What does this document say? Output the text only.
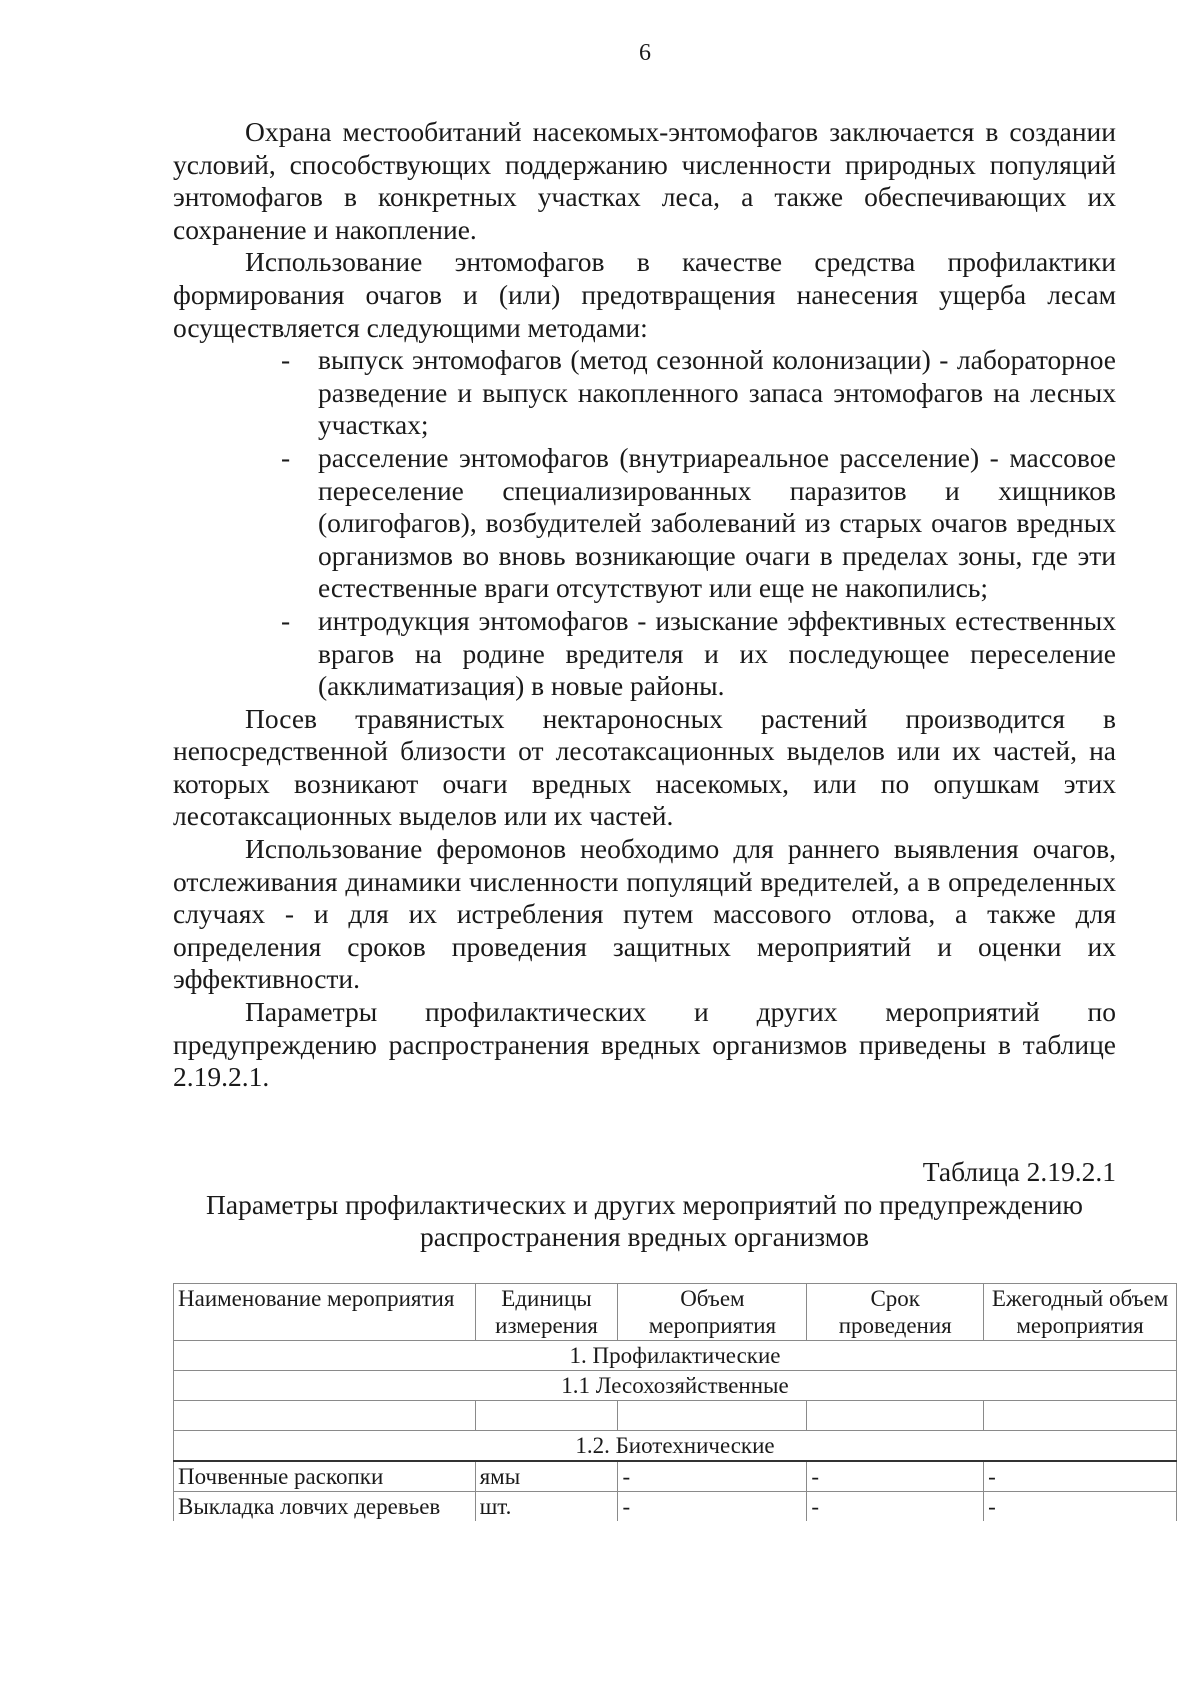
6

Охрана местообитаний насекомых-энтомофагов заключается в создании условий, способствующих поддержанию численности природных популяций энтомофагов в конкретных участках леса, а также обеспечивающих их сохранение и накопление.

Использование энтомофагов в качестве средства профилактики формирования очагов и (или) предотвращения нанесения ущерба лесам осуществляется следующими методами:

- выпуск энтомофагов (метод сезонной колонизации) - лабораторное разведение и выпуск накопленного запаса энтомофагов на лесных участках;
- расселение энтомофагов (внутриареальное расселение) - массовое переселение специализированных паразитов и хищников (олигофагов), возбудителей заболеваний из старых очагов вредных организмов во вновь возникающие очаги в пределах зоны, где эти естественные враги отсутствуют или еще не накопились;
- интродукция энтомофагов - изыскание эффективных естественных врагов на родине вредителя и их последующее переселение (акклиматизация) в новые районы.

Посев травянистых нектароносных растений производится в непосредственной близости от лесотаксационных выделов или их частей, на которых возникают очаги вредных насекомых, или по опушкам этих лесотаксационных выделов или их частей.

Использование феромонов необходимо для раннего выявления очагов, отслеживания динамики численности популяций вредителей, а в определенных случаях - и для их истребления путем массового отлова, а также для определения сроков проведения защитных мероприятий и оценки их эффективности.

Параметры профилактических и других мероприятий по предупреждению распространения вредных организмов приведены в таблице 2.19.2.1.

Таблица 2.19.2.1
Параметры профилактических и других мероприятий по предупреждению распространения вредных организмов
Наименование мероприятия	Единицы измерения	Объем мероприятия	Срок проведения	Ежегодный объем мероприятия
1. Профилактические				
1.1 Лесохозяйственные				

1.2. Биотехнические				
Почвенные раскопки	ямы	-	-	-
Выкладка ловчих деревьев	шт.	-	-	-
